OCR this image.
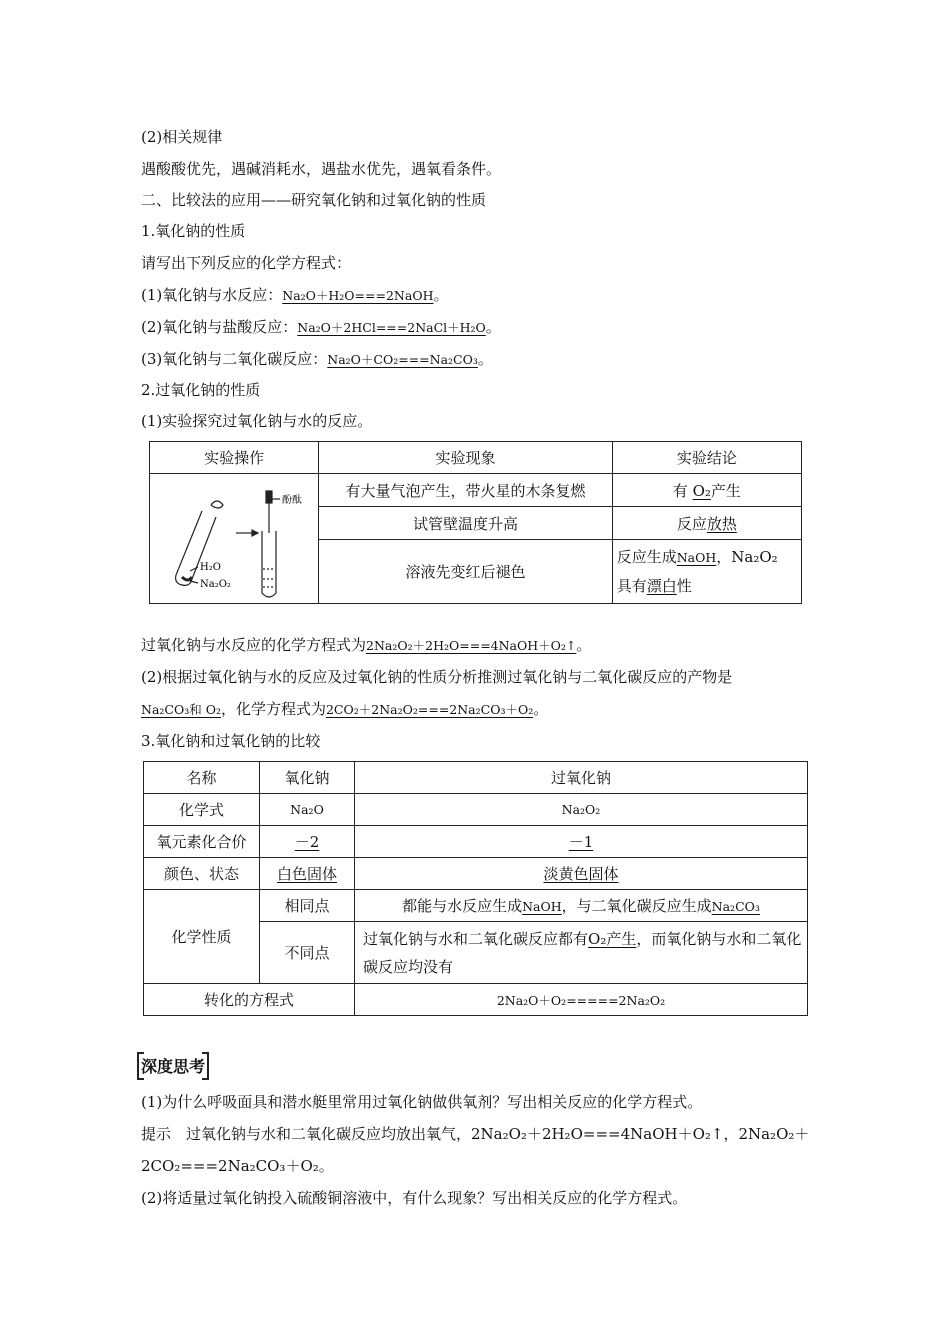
(2)相关规律
遇酸酸优先，遇碱消耗水，遇盐水优先，遇氧看条件。
二、比较法的应用——研究氧化钠和过氧化钠的性质
1.氧化钠的性质
请写出下列反应的化学方程式：
(1)氧化钠与水反应：Na₂O＋H₂O===2NaOH。
(2)氧化钠与盐酸反应：Na₂O＋2HCl===2NaCl＋H₂O。
(3)氧化钠与二氧化碳反应：Na₂O＋CO₂===Na₂CO₃。
2.过氧化钠的性质
(1)实验探究过氧化钠与水的反应。
实验操作	实验现象	实验结论

酚酞
H₂O
Na₂O₂	有大量气泡产生，带火星的木条复燃	有 O₂产生
	试管壁温度升高	反应放热
	溶液先变红后褪色	反应生成NaOH，Na₂O₂ 具有漂白性
过氧化钠与水反应的化学方程式为2Na₂O₂＋2H₂O===4NaOH＋O₂↑。
(2)根据过氧化钠与水的反应及过氧化钠的性质分析推测过氧化钠与二氧化碳反应的产物是
Na₂CO₃和 O₂，化学方程式为2CO₂＋2Na₂O₂===2Na₂CO₃＋O₂。
3.氧化钠和过氧化钠的比较
名称	氧化钠	过氧化钠
化学式	Na₂O	Na₂O₂
氧元素化合价	－2	－1
颜色、状态	白色固体	淡黄色固体
化学性质	相同点	都能与水反应生成NaOH，与二氧化碳反应生成Na₂CO₃
	不同点	过氧化钠与水和二氧化碳反应都有O₂产生，而氧化钠与水和二氧化碳反应均没有
转化的方程式		2Na₂O＋O₂=====2Na₂O₂
深度思考
(1)为什么呼吸面具和潜水艇里常用过氧化钠做供氧剂？写出相关反应的化学方程式。
提示　过氧化钠与水和二氧化碳反应均放出氧气，2Na₂O₂＋2H₂O===4NaOH＋O₂↑，2Na₂O₂＋
2CO₂===2Na₂CO₃＋O₂。
(2)将适量过氧化钠投入硫酸铜溶液中，有什么现象？写出相关反应的化学方程式。
